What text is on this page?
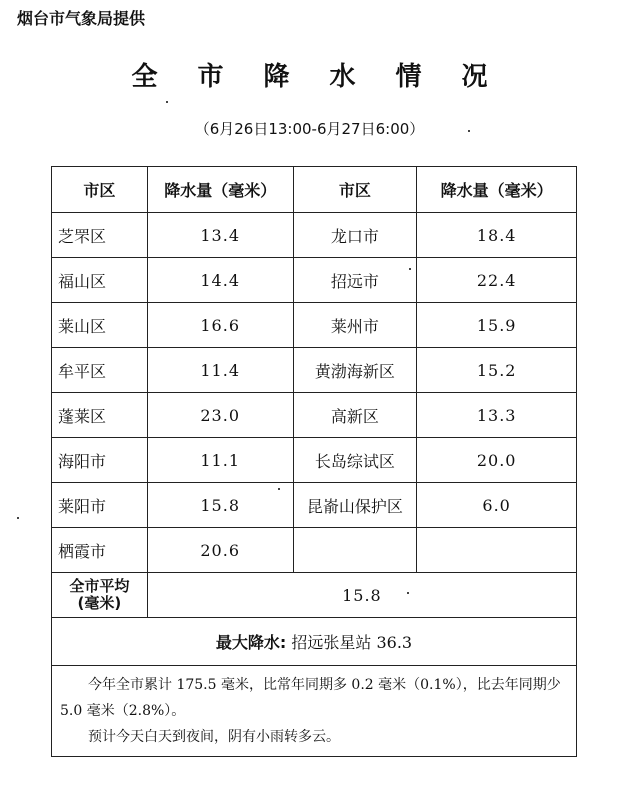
烟台市气象局提供
全市降水情况
（6月26日13:00-6月27日6:00）
市区	降水量（毫米）	市区	降水量（毫米）
芝罘区	13.4	龙口市	18.4
福山区	14.4	招远市	22.4
莱山区	16.6	莱州市	15.9
牟平区	11.4	黄渤海新区	15.2
蓬莱区	23.0	高新区	13.3
海阳市	11.1	长岛综试区	20.0
莱阳市	15.8	昆嵛山保护区	6.0
栖霞市	20.6		

全市平均
(毫米)	15.8		
最大降水: 招远张星站 36.3			

今年全市累计 175.5 毫米，比常年同期多 0.2 毫米（0.1%），比去年同期少 5.0 毫米（2.8%）。
预计今天白天到夜间，阴有小雨转多云。			
